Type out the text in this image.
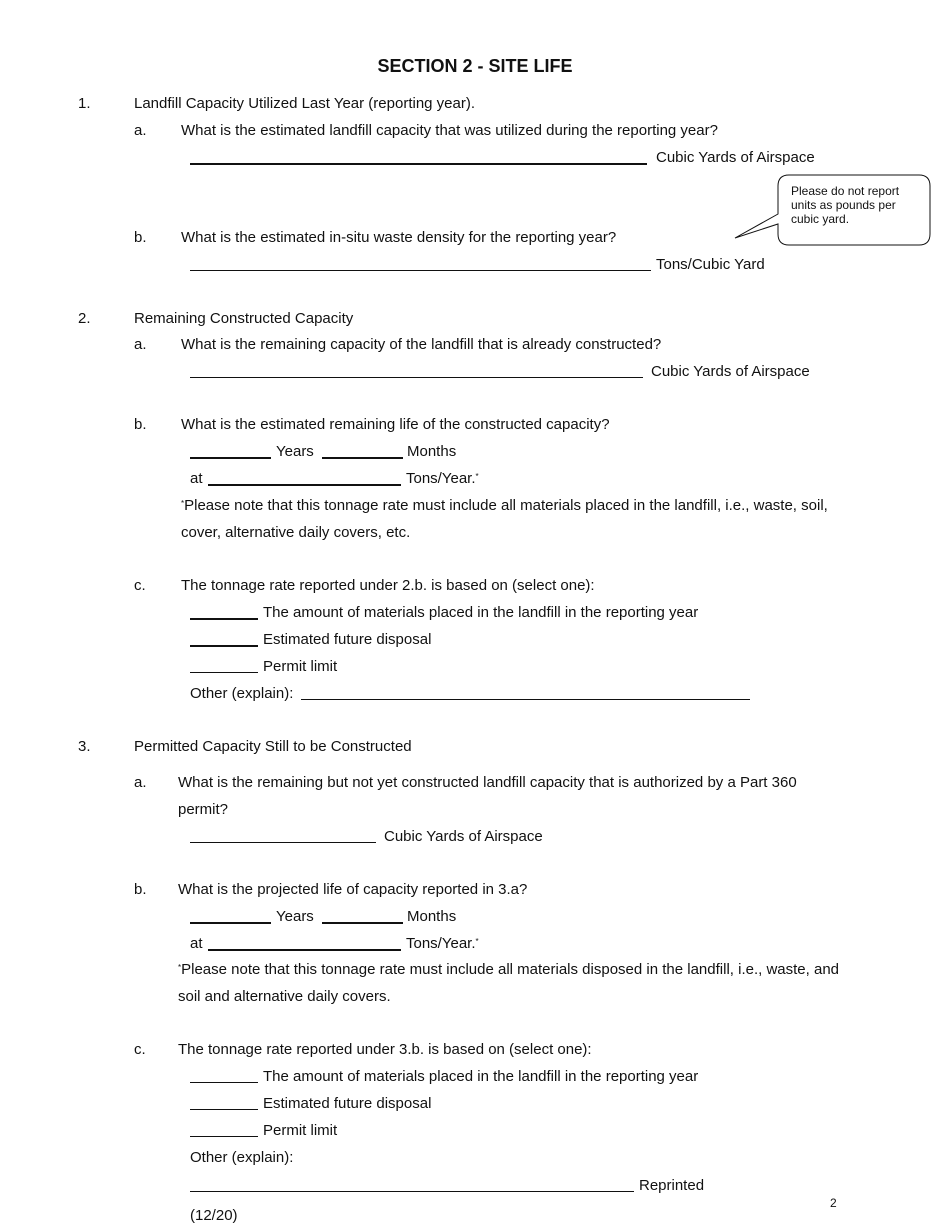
SECTION 2 - SITE LIFE
1.	Landfill Capacity Utilized Last Year (reporting year).
a. What is the estimated landfill capacity that was utilized during the reporting year?
Cubic Yards of Airspace
Please do not report units as pounds per cubic yard.
b. What is the estimated in-situ waste density for the reporting year?
Tons/Cubic Yard
2.	Remaining Constructed Capacity
a. What is the remaining capacity of the landfill that is already constructed?
Cubic Yards of Airspace
b. What is the estimated remaining life of the constructed capacity?
Years	Months
at	Tons/Year.*
*Please note that this tonnage rate must include all materials placed in the landfill, i.e., waste, soil,
cover, alternative daily covers, etc.
c. The tonnage rate reported under 2.b. is based on (select one):
The amount of materials placed in the landfill in the reporting year
Estimated future disposal
Permit limit
Other (explain):
3.	Permitted Capacity Still to be Constructed
a. What is the remaining but not yet constructed landfill capacity that is authorized by a Part 360
permit?
Cubic Yards of Airspace
b. What is the projected life of capacity reported in 3.a?
Years	Months
at	Tons/Year.*
*Please note that this tonnage rate must include all materials disposed in the landfill, i.e., waste, and
soil and alternative daily covers.
c. The tonnage rate reported under 3.b. is based on (select one):
The amount of materials placed in the landfill in the reporting year
Estimated future disposal
Permit limit
Other (explain):
Reprinted
2
(12/20)
